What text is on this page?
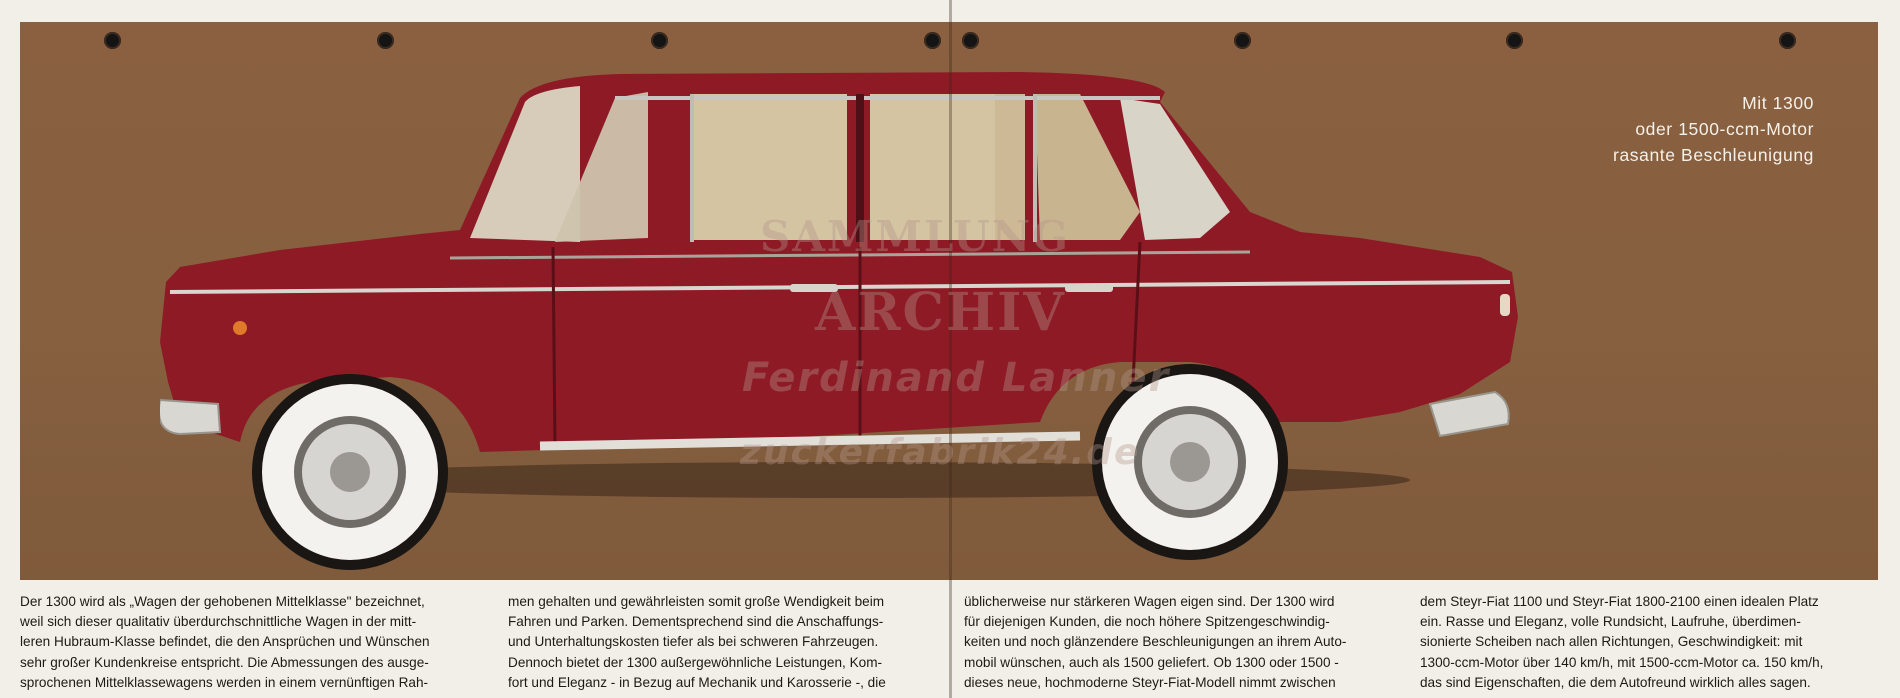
SAMMLUNG
ARCHIV
Ferdinand Lanner
zuckerfabrik24.de
Mit 1300
oder 1500-ccm-Motor
rasante Beschleunigung
Der 1300 wird als „Wagen der gehobenen Mittelklasse" bezeichnet,
weil sich dieser qualitativ überdurchschnittliche Wagen in der mitt-
leren Hubraum-Klasse befindet, die den Ansprüchen und Wünschen
sehr großer Kundenkreise entspricht. Die Abmessungen des ausge-
sprochenen Mittelklassewagens werden in einem vernünftigen Rah-
men gehalten und gewährleisten somit große Wendigkeit beim
Fahren und Parken. Dementsprechend sind die Anschaffungs-
und Unterhaltungskosten tiefer als bei schweren Fahrzeugen.
Dennoch bietet der 1300 außergewöhnliche Leistungen, Kom-
fort und Eleganz - in Bezug auf Mechanik und Karosserie -, die
üblicherweise nur stärkeren Wagen eigen sind. Der 1300 wird
für diejenigen Kunden, die noch höhere Spitzengeschwindig-
keiten und noch glänzendere Beschleunigungen an ihrem Auto-
mobil wünschen, auch als 1500 geliefert. Ob 1300 oder 1500 -
dieses neue, hochmoderne Steyr-Fiat-Modell nimmt zwischen
dem Steyr-Fiat 1100 und Steyr-Fiat 1800-2100 einen idealen Platz
ein. Rasse und Eleganz, volle Rundsicht, Laufruhe, überdimen-
sionierte Scheiben nach allen Richtungen, Geschwindigkeit: mit
1300-ccm-Motor über 140 km/h, mit 1500-ccm-Motor ca. 150 km/h,
das sind Eigenschaften, die dem Autofreund wirklich alles sagen.
